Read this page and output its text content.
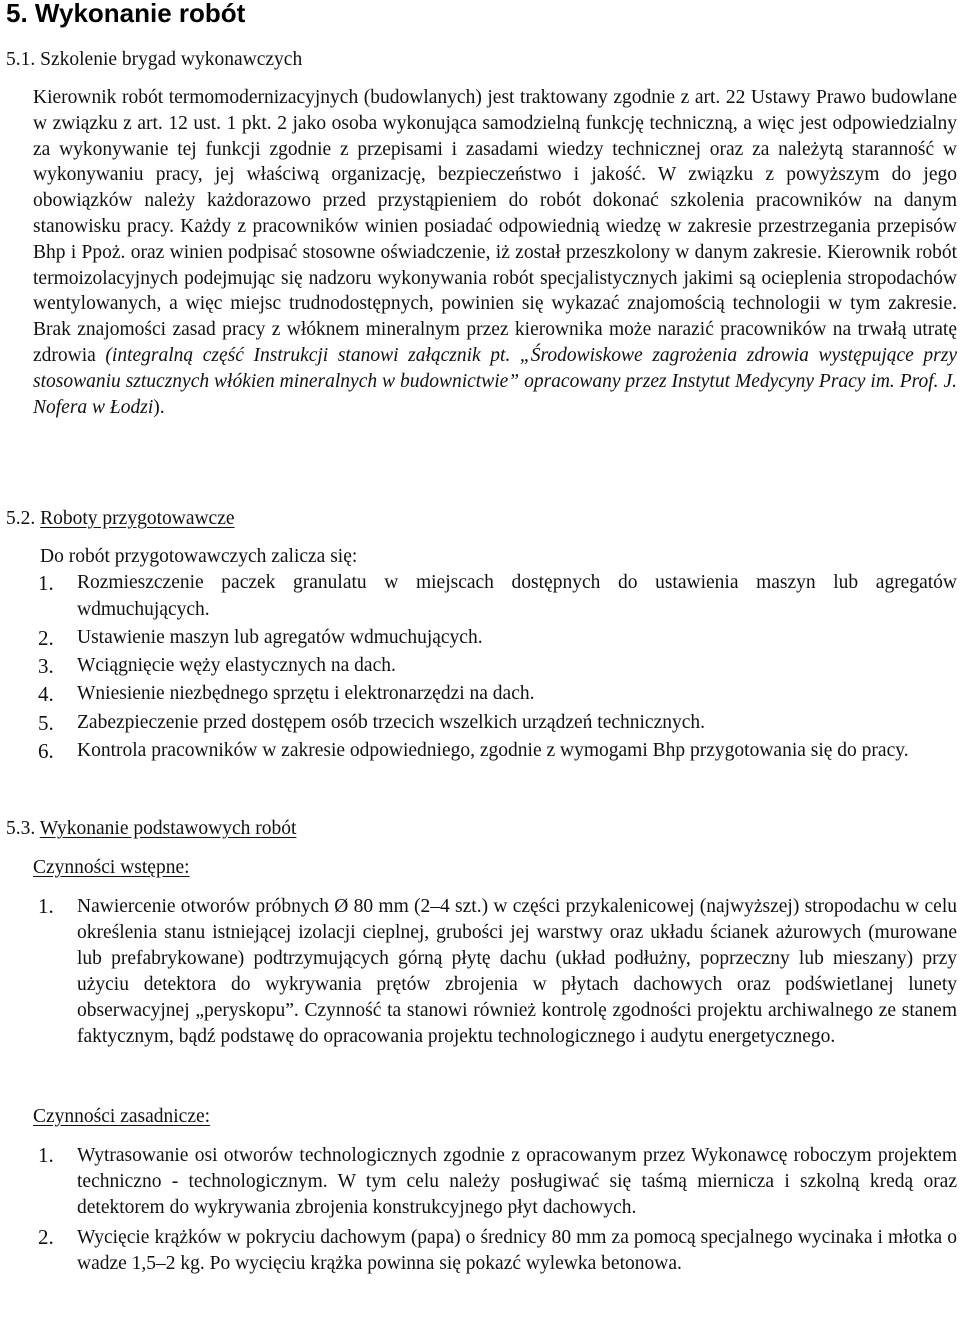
5. Wykonanie robót

5.1. Szkolenie brygad wykonawczych

Kierownik robót termomodernizacyjnych (budowlanych) jest traktowany zgodnie z art. 22 Ustawy Prawo budowlane w związku z art. 12 ust. 1 pkt. 2 jako osoba wykonująca samodzielną funkcję techniczną, a więc jest odpowiedzialny za wykonywanie tej funkcji zgodnie z przepisami i zasadami wiedzy technicznej oraz za należytą staranność w wykonywaniu pracy, jej właściwą organizację, bezpieczeństwo i jakość. W związku z powyższym do jego obowiązków należy każdorazowo przed przystąpieniem do robót dokonać szkolenia pracowników na danym stanowisku pracy. Każdy z pracowników winien posiadać odpowiednią wiedzę w zakresie przestrzegania przepisów Bhp i Ppoż. oraz winien podpisać stosowne oświadczenie, iż został przeszkolony w danym zakresie. Kierownik robót termoizolacyjnych podejmując się nadzoru wykonywania robót specjalistycznych jakimi są ocieplenia stropodachów wentylowanych, a więc miejsc trudnodostępnych, powinien się wykazać znajomością technologii w tym zakresie. Brak znajomości zasad pracy z włóknem mineralnym przez kierownika może narazić pracowników na trwałą utratę zdrowia (integralną część Instrukcji stanowi załącznik pt. „Środowiskowe zagrożenia zdrowia występujące przy stosowaniu sztucznych włókien mineralnych w budownictwie” opracowany przez Instytut Medycyny Pracy im. Prof. J. Nofera w Łodzi).

5.2. Roboty przygotowawcze

Do robót przygotowawczych zalicza się:

1. Rozmieszczenie paczek granulatu w miejscach dostępnych do ustawienia maszyn lub agregatów wdmuchujących.
2. Ustawienie maszyn lub agregatów wdmuchujących.
3. Wciągnięcie węży elastycznych na dach.
4. Wniesienie niezbędnego sprzętu i elektronarzędzi na dach.
5. Zabezpieczenie przed dostępem osób trzecich wszelkich urządzeń technicznych.
6. Kontrola pracowników w zakresie odpowiedniego, zgodnie z wymogami Bhp przygotowania się do pracy.

5.3. Wykonanie podstawowych robót

Czynności wstępne:

1. Nawiercenie otworów próbnych Ø 80 mm (2–4 szt.) w części przykalenicowej (najwyższej) stropodachu w celu określenia stanu istniejącej izolacji cieplnej, grubości jej warstwy oraz układu ścianek ażurowych (murowane lub prefabrykowane) podtrzymujących górną płytę dachu (układ podłużny, poprzeczny lub mieszany) przy użyciu detektora do wykrywania prętów zbrojenia w płytach dachowych oraz podświetlanej lunety obserwacyjnej „peryskopu”. Czynność ta stanowi również kontrolę zgodności projektu archiwalnego ze stanem faktycznym, bądź podstawę do opracowania projektu technologicznego i audytu energetycznego.

Czynności zasadnicze:

1. Wytrasowanie osi otworów technologicznych zgodnie z opracowanym przez Wykonawcę roboczym projektem techniczno - technologicznym. W tym celu należy posługiwać się taśmą miernicza i szkolną kredą oraz detektorem do wykrywania zbrojenia konstrukcyjnego płyt dachowych.
2. Wycięcie krążków w pokryciu dachowym (papa) o średnicy 80 mm za pomocą specjalnego wycinaka i młotka o wadze 1,5–2 kg. Po wycięciu krążka powinna się pokazć wylewka betonowa.
